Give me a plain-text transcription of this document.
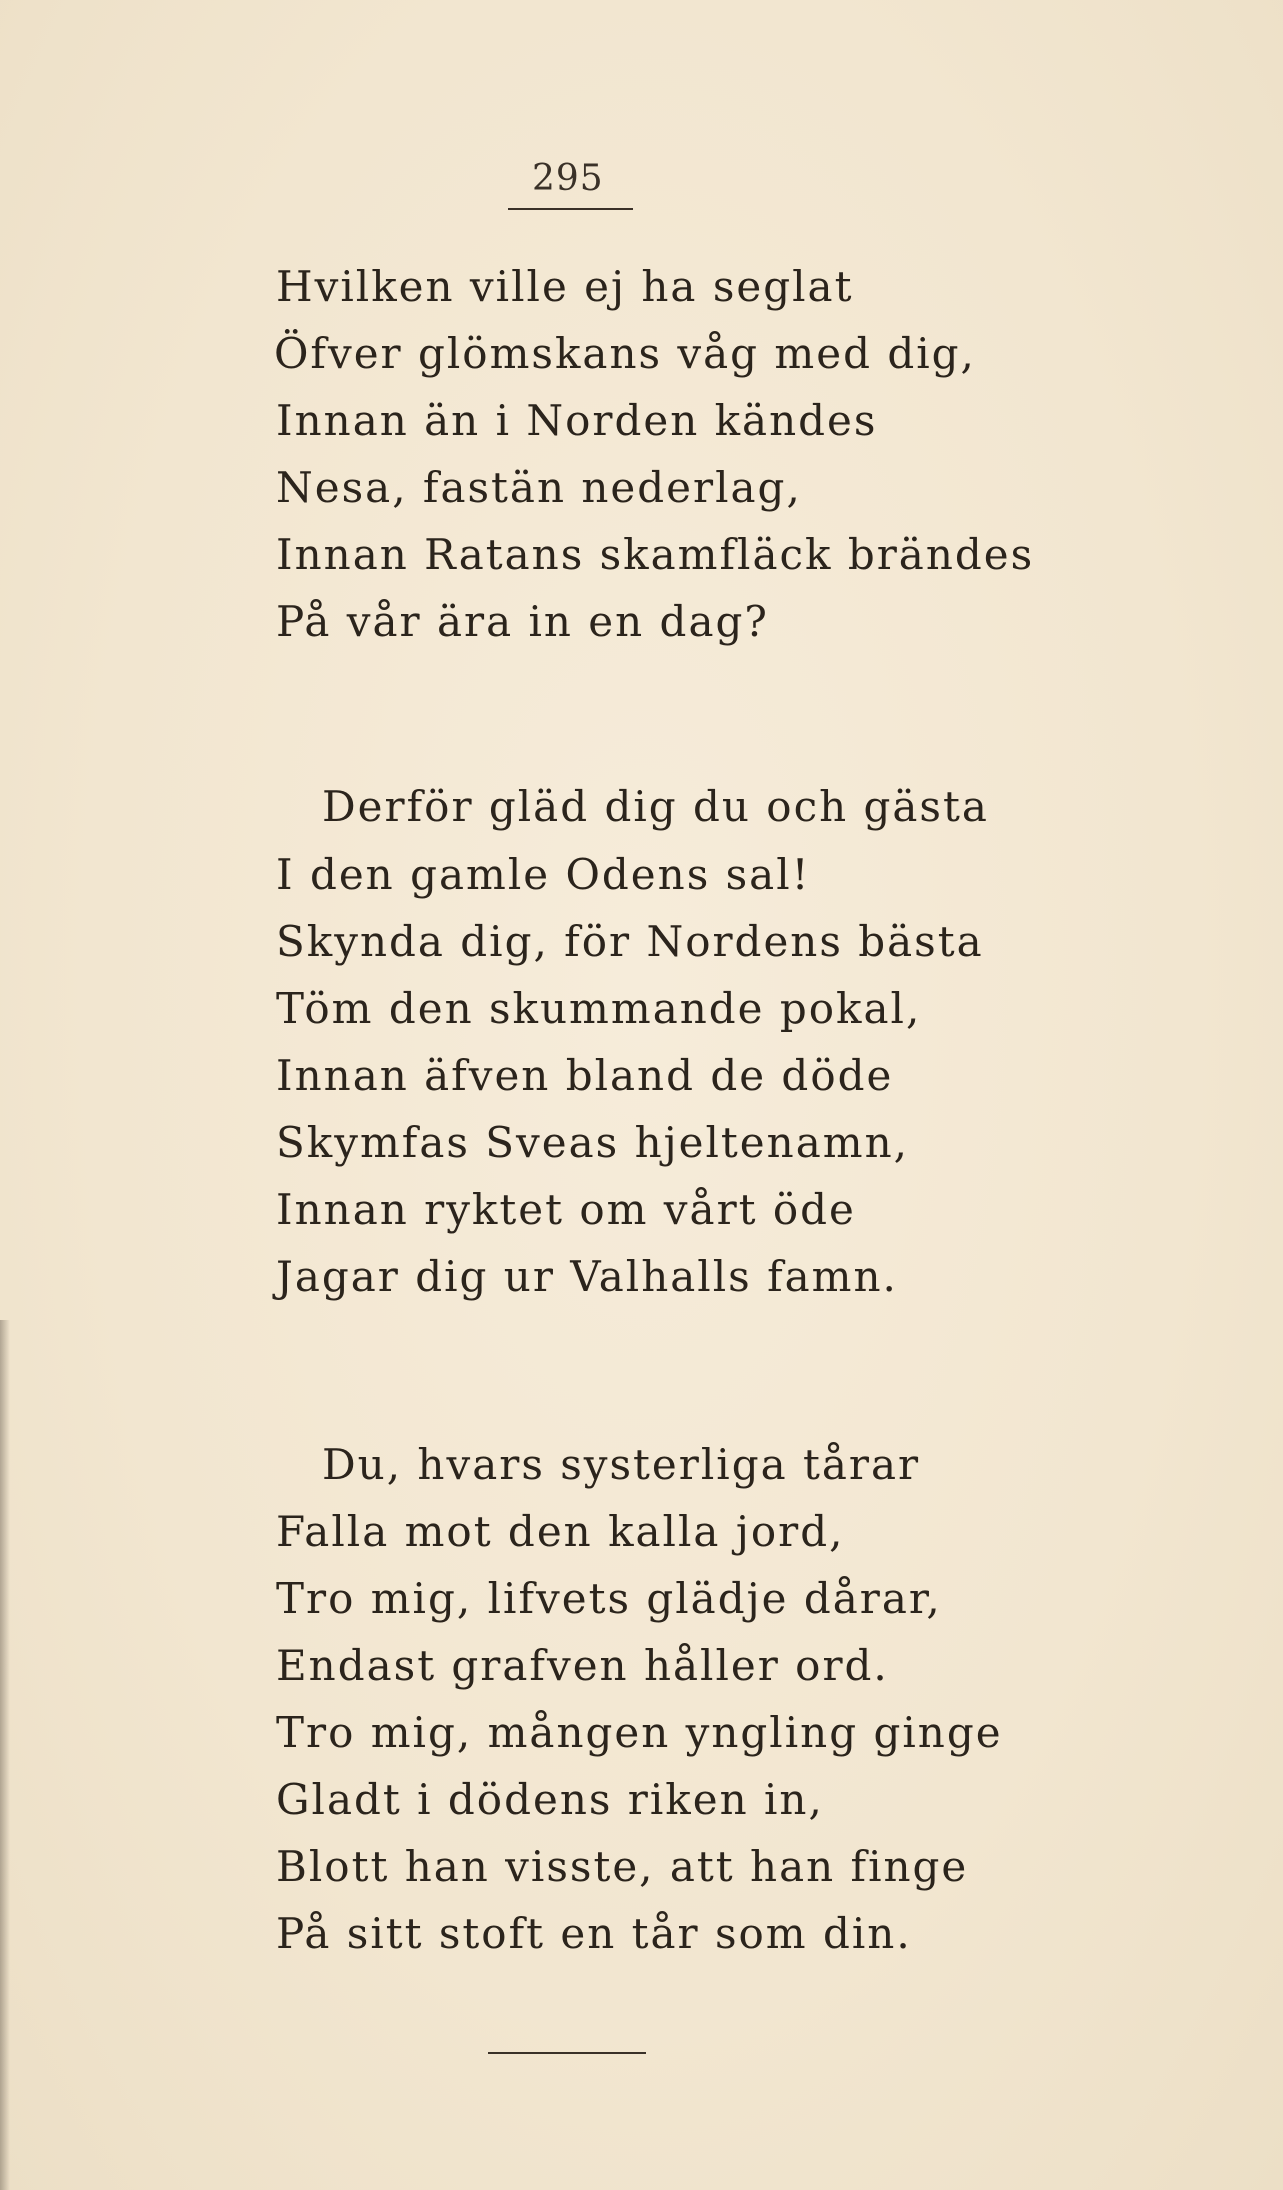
295
Hvilken ville ej ha seglat
Öfver glömskans våg med dig,
Innan än i Norden kändes
Nesa, fastän nederlag,
Innan Ratans skamfläck brändes
På vår ära in en dag?
Derför gläd dig du och gästa
I den gamle Odens sal!
Skynda dig, för Nordens bästa
Töm den skummande pokal,
Innan äfven bland de döde
Skymfas Sveas hjeltenamn,
Innan ryktet om vårt öde
Jagar dig ur Valhalls famn.
Du, hvars systerliga tårar
Falla mot den kalla jord,
Tro mig, lifvets glädje dårar,
Endast grafven håller ord.
Tro mig, mången yngling ginge
Gladt i dödens riken in,
Blott han visste, att han finge
På sitt stoft en tår som din.
